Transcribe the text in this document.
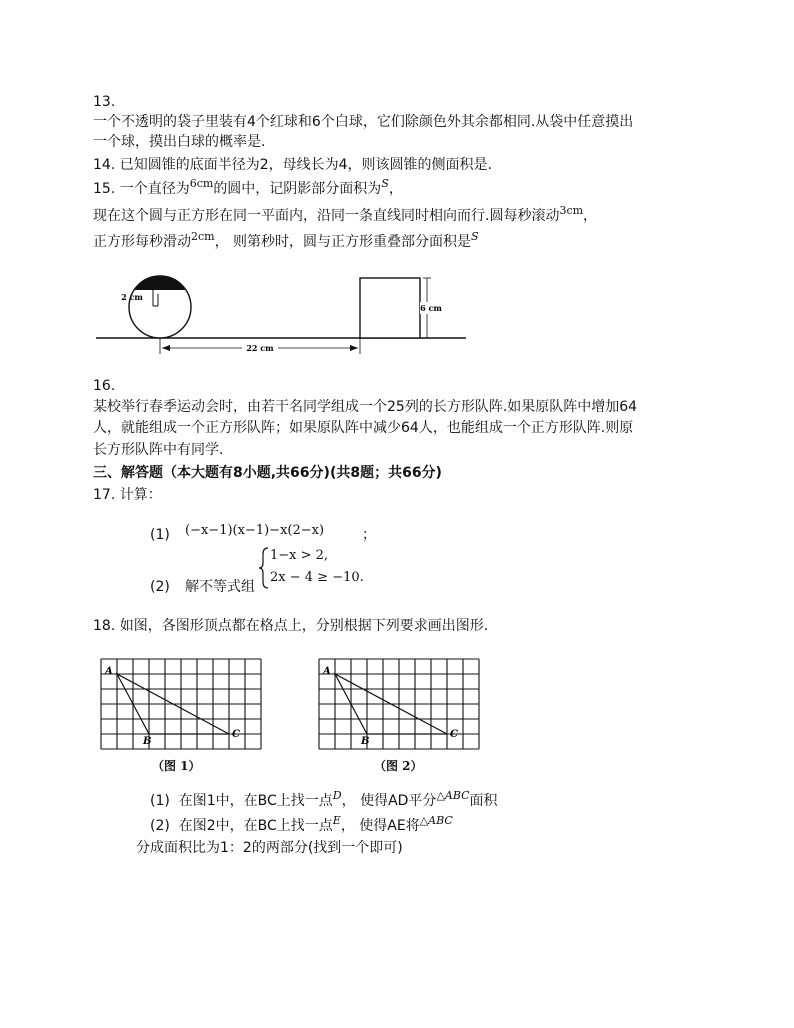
13.
一个不透明的袋子里装有4个红球和6个白球，它们除颜色外其余都相同.从袋中任意摸出
一个球，摸出白球的概率是.
14. 已知圆锥的底面半径为2，母线长为4，则该圆锥的侧面积是.
15. 一个直径为$^{6cm}$的圆中，记阴影部分面积为$^S$，
现在这个圆与正方形在同一平面内，沿同一条直线同时相向而行.圆每秒滚动$^{3cm}$，
正方形每秒滑动$^{2cm}$， 则第秒时，圆与正方形重叠部分面积是$^S$
2 cm
6 cm
22 cm
16.
某校举行春季运动会时，由若干名同学组成一个25列的长方形队阵.如果原队阵中增加64
人，就能组成一个正方形队阵；如果原队阵中减少64人，也能组成一个正方形队阵.则原
长方形队阵中有同学.
三、解答题（本大题有8小题,共66分)(共8题；共66分)
17. 计算：
(1) (−x−1)(x−1)−x(2−x)	；
(2) 解不等式组
1−x > 2,
2x − 4 ≥ −10.
18. 如图，各图形顶点都在格点上，分别根据下列要求画出图形.
A
B
C
（图 1）
A
B
C
（图 2）
(1) 在图1中，在BC上找一点$^D$， 使得AD平分$^{\triangle ABC}$面积
(2) 在图2中，在BC上找一点$^E$， 使得AE将$^{\triangle ABC}$
分成面积比为1：2的两部分(找到一个即可)
